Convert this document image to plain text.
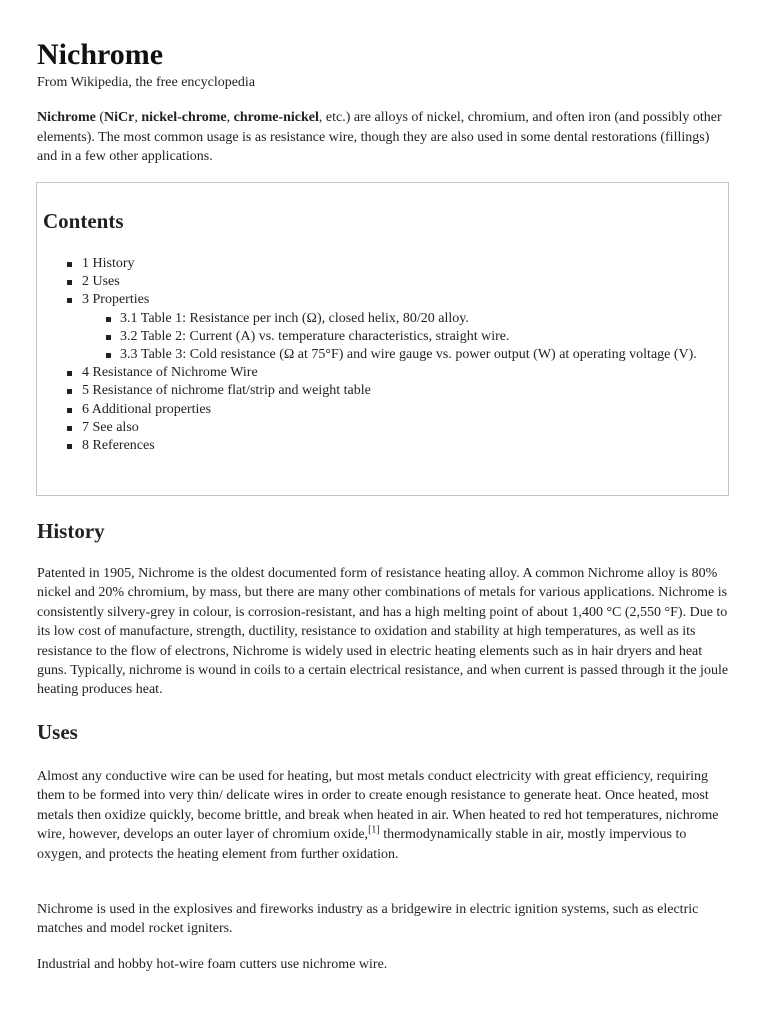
Nichrome
From Wikipedia, the free encyclopedia

Nichrome (NiCr, nickel-chrome, chrome-nickel, etc.) are alloys of nickel, chromium, and often iron (and possibly other elements). The most common usage is as resistance wire, though they are also used in some dental restorations (fillings) and in a few other applications.

Contents
1 History
2 Uses
3 Properties
3.1 Table 1: Resistance per inch (Ω), closed helix, 80/20 alloy.
3.2 Table 2: Current (A) vs. temperature characteristics, straight wire.
3.3 Table 3: Cold resistance (Ω at 75°F) and wire gauge vs. power output (W) at operating voltage (V).
4 Resistance of Nichrome Wire
5 Resistance of nichrome flat/strip and weight table
6 Additional properties
7 See also
8 References
History

Patented in 1905, Nichrome is the oldest documented form of resistance heating alloy. A common Nichrome alloy is 80% nickel and 20% chromium, by mass, but there are many other combinations of metals for various applications. Nichrome is consistently silvery-grey in colour, is corrosion-resistant, and has a high melting point of about 1,400 °C (2,550 °F). Due to its low cost of manufacture, strength, ductility, resistance to oxidation and stability at high temperatures, as well as its resistance to the flow of electrons, Nichrome is widely used in electric heating elements such as in hair dryers and heat guns. Typically, nichrome is wound in coils to a certain electrical resistance, and when current is passed through it the joule heating produces heat.

Uses

Almost any conductive wire can be used for heating, but most metals conduct electricity with great efficiency, requiring them to be formed into very thin/ delicate wires in order to create enough resistance to generate heat. Once heated, most metals then oxidize quickly, become brittle, and break when heated in air. When heated to red hot temperatures, nichrome wire, however, develops an outer layer of chromium oxide,[1] thermodynamically stable in air, mostly impervious to oxygen, and protects the heating element from further oxidation.

Nichrome is used in the explosives and fireworks industry as a bridgewire in electric ignition systems, such as electric matches and model rocket igniters.

Industrial and hobby hot-wire foam cutters use nichrome wire.
